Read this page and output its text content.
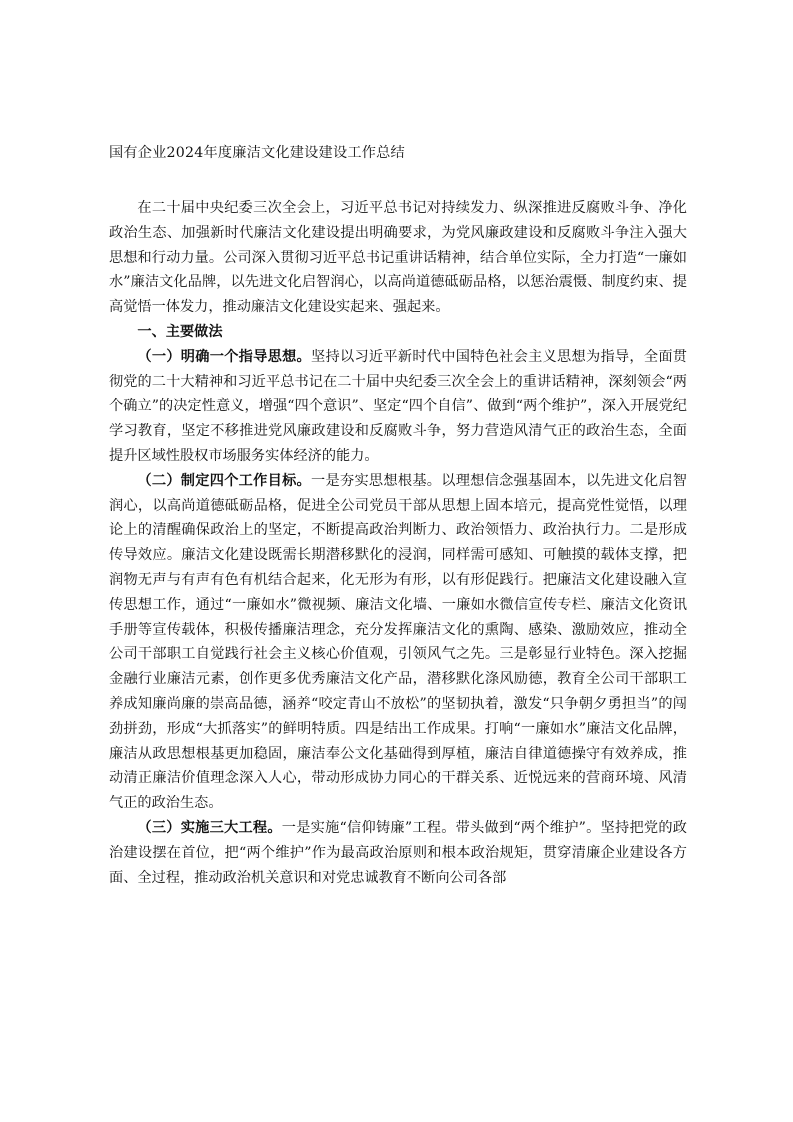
国有企业2024年度廉洁文化建设建设工作总结

在二十届中央纪委三次全会上，习近平总书记对持续发力、纵深推进反腐败斗争、净化政治生态、加强新时代廉洁文化建设提出明确要求，为党风廉政建设和反腐败斗争注入强大思想和行动力量。公司深入贯彻习近平总书记重讲话精神，结合单位实际，全力打造“一廉如水”廉洁文化品牌，以先进文化启智润心，以高尚道德砥砺品格，以惩治震慑、制度约束、提高觉悟一体发力，推动廉洁文化建设实起来、强起来。

一、主要做法

（一）明确一个指导思想。坚持以习近平新时代中国特色社会主义思想为指导，全面贯彻党的二十大精神和习近平总书记在二十届中央纪委三次全会上的重讲话精神，深刻领会“两个确立”的决定性意义，增强“四个意识”、坚定“四个自信”、做到“两个维护”，深入开展党纪学习教育，坚定不移推进党风廉政建设和反腐败斗争，努力营造风清气正的政治生态，全面提升区域性股权市场服务实体经济的能力。

（二）制定四个工作目标。一是夯实思想根基。以理想信念强基固本，以先进文化启智润心，以高尚道德砥砺品格，促进全公司党员干部从思想上固本培元，提高党性觉悟，以理论上的清醒确保政治上的坚定，不断提高政治判断力、政治领悟力、政治执行力。二是形成传导效应。廉洁文化建设既需长期潜移默化的浸润，同样需可感知、可触摸的载体支撑，把润物无声与有声有色有机结合起来，化无形为有形，以有形促践行。把廉洁文化建设融入宣传思想工作，通过“一廉如水”微视频、廉洁文化墙、一廉如水微信宣传专栏、廉洁文化资讯手册等宣传载体，积极传播廉洁理念，充分发挥廉洁文化的熏陶、感染、激励效应，推动全公司干部职工自觉践行社会主义核心价值观，引领风气之先。三是彰显行业特色。深入挖掘金融行业廉洁元素，创作更多优秀廉洁文化产品，潜移默化涤风励德，教育全公司干部职工养成知廉尚廉的崇高品德，涵养“咬定青山不放松”的坚韧执着，激发“只争朝夕勇担当”的闯劲拼劲，形成“大抓落实”的鲜明特质。四是结出工作成果。打响“一廉如水”廉洁文化品牌，廉洁从政思想根基更加稳固，廉洁奉公文化基础得到厚植，廉洁自律道德操守有效养成，推动清正廉洁价值理念深入人心，带动形成协力同心的干群关系、近悦远来的营商环境、风清气正的政治生态。

（三）实施三大工程。一是实施“信仰铸廉”工程。带头做到“两个维护”。坚持把党的政治建设摆在首位，把“两个维护”作为最高政治原则和根本政治规矩，贯穿清廉企业建设各方面、全过程，推动政治机关意识和对党忠诚教育不断向公司各部
